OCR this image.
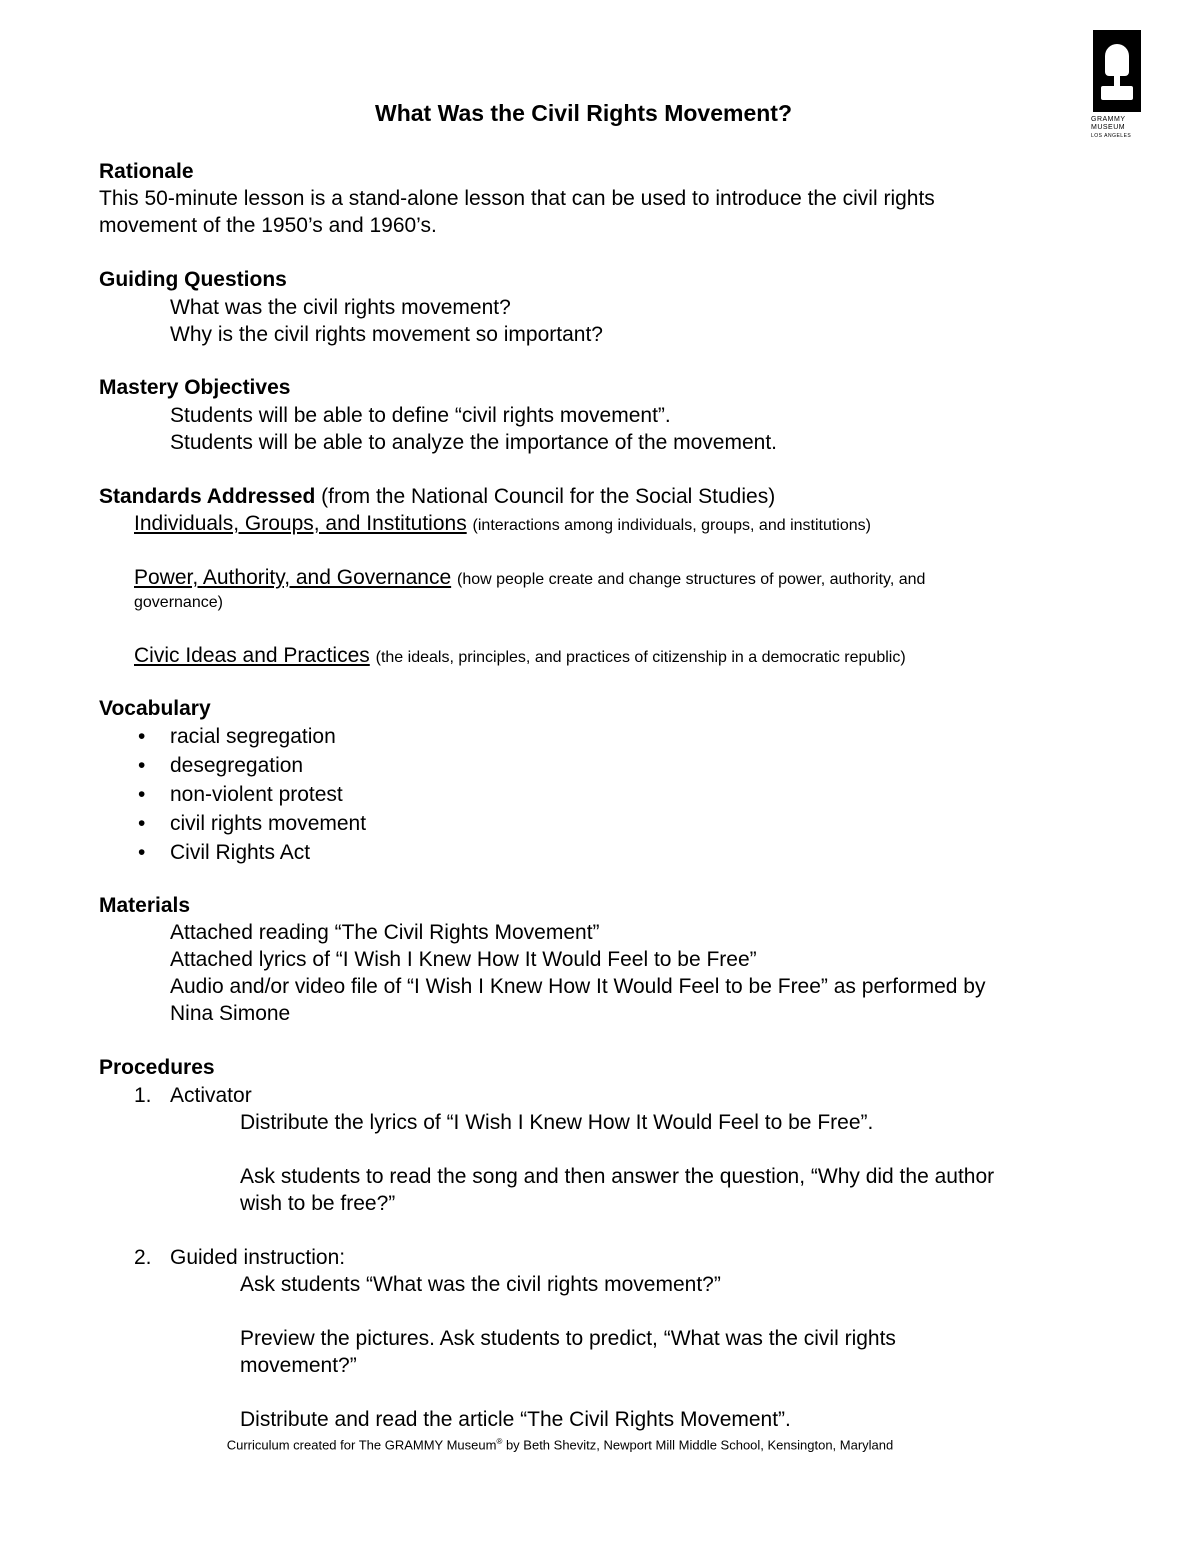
GRAMMY
MUSEUM
LOS ANGELES
What Was the Civil Rights Movement?
Rationale
This 50-minute lesson is a stand-alone lesson that can be used to introduce the civil rights
movement of the 1950’s and 1960’s.
Guiding Questions
What was the civil rights movement?
Why is the civil rights movement so important?
Mastery Objectives
Students will be able to define “civil rights movement”.
Students will be able to analyze the importance of the movement.
Standards Addressed (from the National Council for the Social Studies)
Individuals, Groups, and Institutions (interactions among individuals, groups, and institutions)
Power, Authority, and Governance (how people create and change structures of power, authority, and
governance)
Civic Ideas and Practices (the ideals, principles, and practices of citizenship in a democratic republic)
Vocabulary
• racial segregation
• desegregation
• non-violent protest
• civil rights movement
• Civil Rights Act
Materials
Attached reading “The Civil Rights Movement”
Attached lyrics of “I Wish I Knew How It Would Feel to be Free”
Audio and/or video file of “I Wish I Knew How It Would Feel to be Free” as performed by
Nina Simone
Procedures
1. Activator
Distribute the lyrics of “I Wish I Knew How It Would Feel to be Free”.
Ask students to read the song and then answer the question, “Why did the author
wish to be free?”
2. Guided instruction:
Ask students “What was the civil rights movement?”
Preview the pictures. Ask students to predict, “What was the civil rights
movement?”
Distribute and read the article “The Civil Rights Movement”.
Curriculum created for The GRAMMY Museum® by Beth Shevitz, Newport Mill Middle School, Kensington, Maryland
